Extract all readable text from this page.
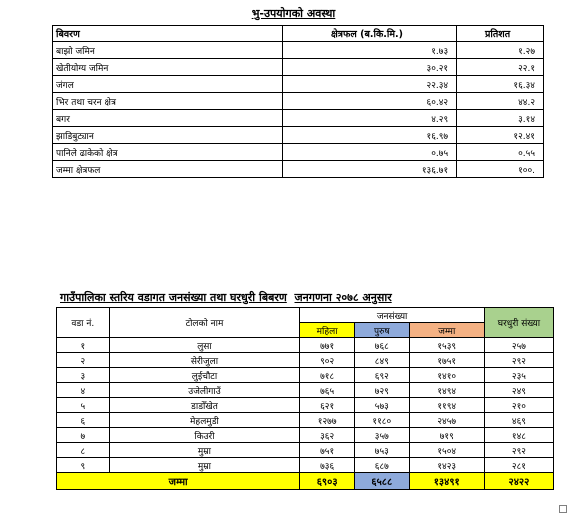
भु-उपयोगको अवस्था
बिवरण	क्षेत्रफल (ब.कि.मि.)	प्रतिशत
बाझो जमिन	१.७३	१.२७
खेतीयोग्य जमिन	३०.२१	२२.१
जंगल	२२.३४	१६.३४
भिर तथा चरन क्षेत्र	६०.४२	४४.२
बगर	४.२९	३.१४
झाडिबुट्यान	१६.९७	१२.४१
पानिले ढाकेको क्षेत्र	०.७५	०.५५
जम्मा क्षेत्रफल	१३६.७१	१००.
गाउँपालिका स्तरिय वडागत जनसंख्या तथा घरधुरी बिबरण जनगणना २०७८ अनुसार
वडा नं.	टोलको नाम	जनसंख्या			घरधुरी संख्या
		महिला	पुरुष	जम्मा	
१	लुसा	७७१	७६८	१५३९	२५७
२	सेरीजुला	९०२	८४९	१७५१	२९२
३	लुईचौटा	७१८	६९२	१४१०	२३५
४	उजेलीगाउँ	७६५	७२९	१४९४	२४९
५	डाडोँखेत	६२१	५७३	११९४	२१०
६	मेहलमुडी	१२७७	११८०	२४५७	४६९
७	किउरी	३६२	३५७	७१९	१४८
८	मुम्रा	७५१	७५३	१५०४	२९२
९	मुम्रा	७३६	६८७	१४२३	२८१
जम्मा		६९०३	६५८८	१३४९१	२४२२
